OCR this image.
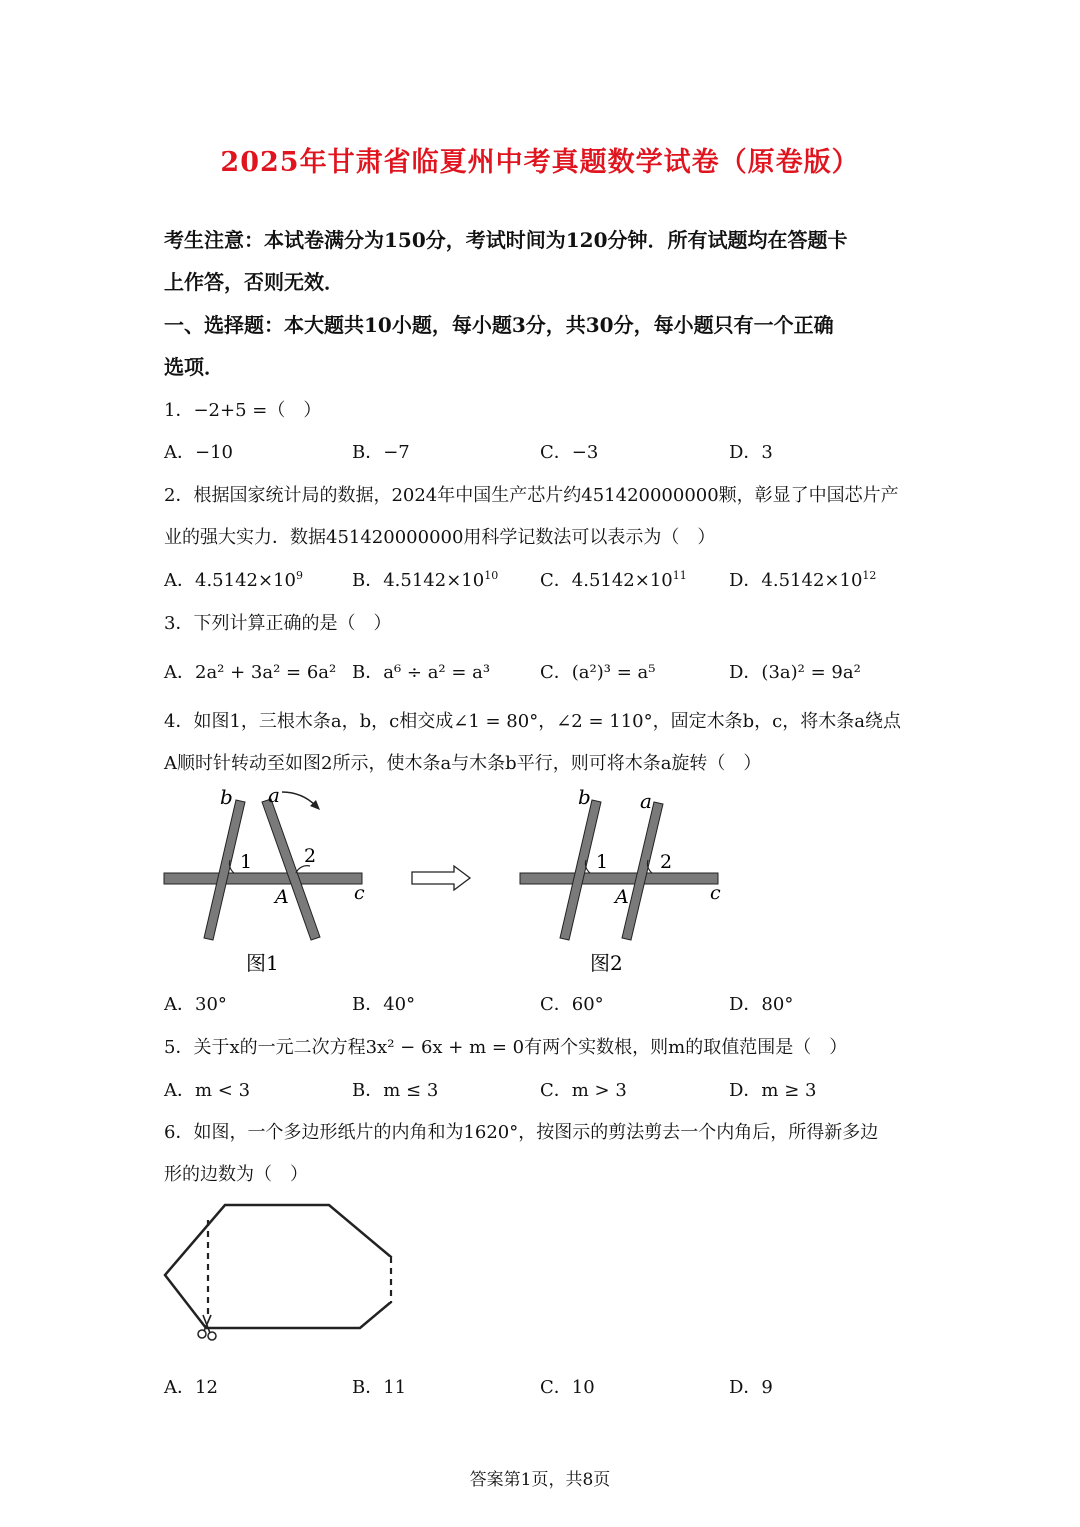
2025年甘肃省临夏州中考真题数学试卷（原卷版）
考生注意：本试卷满分为150分，考试时间为120分钟．所有试题均在答题卡
上作答，否则无效．
一、选择题：本大题共10小题，每小题3分，共30分，每小题只有一个正确
选项．
1．−2+5 =（　）
A．−10	B．−7	C．−3	D．3
2．根据国家统计局的数据，2024年中国生产芯片约451420000000颗，彰显了中国芯片产
业的强大实力．数据451420000000用科学记数法可以表示为（　）
A．$4.5142\times 10^9$	B．$4.5142\times 10^{10}$ C．$4.5142\times 10^{11}$ D．$4.5142\times 10^{12}$
3．下列计算正确的是（　）
A．2a² + 3a² = 6a² B．a⁶ ÷ a² = a³	C．(a²)³ = a⁵	D．(3a)² = 9a²
4．如图1，三根木条a，b，c相交成∠1 = 80°，∠2 = 110°，固定木条b，c，将木条a绕点
A顺时针转动至如图2所示，使木条a与木条b平行，则可将木条a旋转（　）
b a
1	2
A	c
图1
b a
1	2
A	c
图2
A．30°	B．40°	C．60°	D．80°
5．关于x的一元二次方程3x² − 6x + m = 0有两个实数根，则m的取值范围是（　）
A．m < 3	B．m ≤ 3	C．m > 3	D．m ≥ 3
6．如图，一个多边形纸片的内角和为1620°，按图示的剪法剪去一个内角后，所得新多边
形的边数为（　）
A．12	B．11	C．10	D．9
答案第1页，共8页
